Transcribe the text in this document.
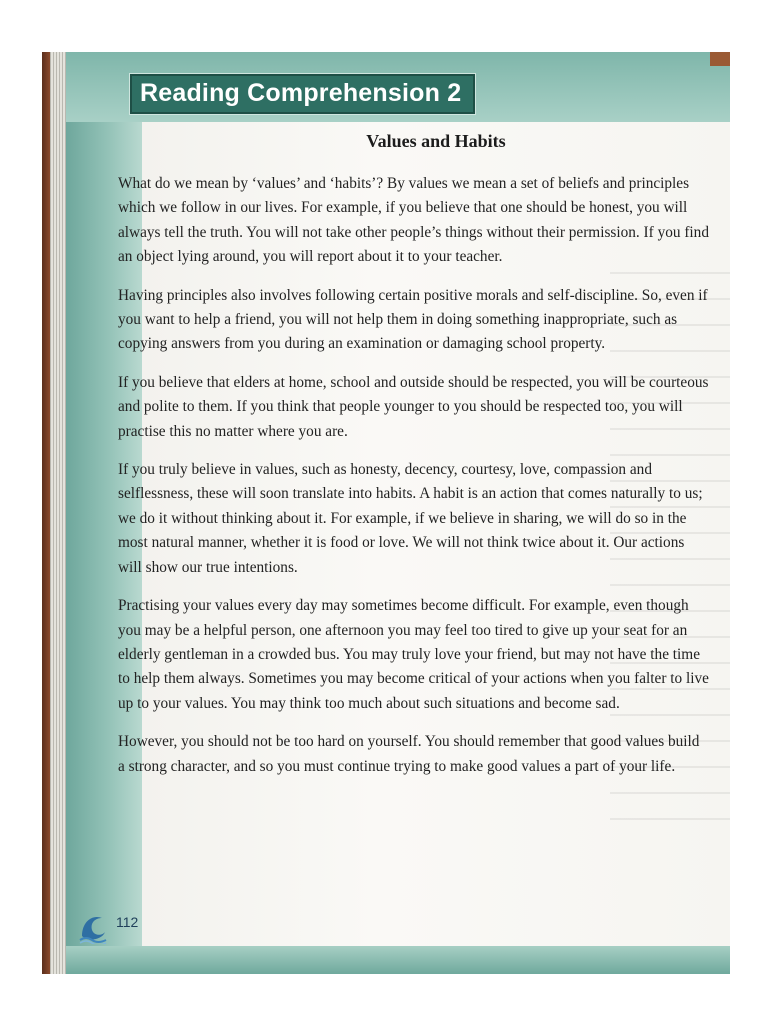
Reading Comprehension 2
Values and Habits

What do we mean by ‘values’ and ‘habits’? By values we mean a set of beliefs and principles which we follow in our lives. For example, if you believe that one should be honest, you will always tell the truth. You will not take other people’s things without their permission. If you find an object lying around, you will report about it to your teacher.

Having principles also involves following certain positive morals and self-discipline. So, even if you want to help a friend, you will not help them in doing something inappropriate, such as copying answers from you during an examination or damaging school property.

If you believe that elders at home, school and outside should be respected, you will be courteous and polite to them. If you think that people younger to you should be respected too, you will practise this no matter where you are.

If you truly believe in values, such as honesty, decency, courtesy, love, compassion and selflessness, these will soon translate into habits. A habit is an action that comes naturally to us; we do it without thinking about it. For example, if we believe in sharing, we will do so in the most natural manner, whether it is food or love. We will not think twice about it. Our actions will show our true intentions.

Practising your values every day may sometimes become difficult. For example, even though you may be a helpful person, one afternoon you may feel too tired to give up your seat for an elderly gentleman in a crowded bus. You may truly love your friend, but may not have the time to help them always. Sometimes you may become critical of your actions when you falter to live up to your values. You may think too much about such situations and become sad.

However, you should not be too hard on yourself. You should remember that good values build a strong character, and so you must continue trying to make good values a part of your life.

112
